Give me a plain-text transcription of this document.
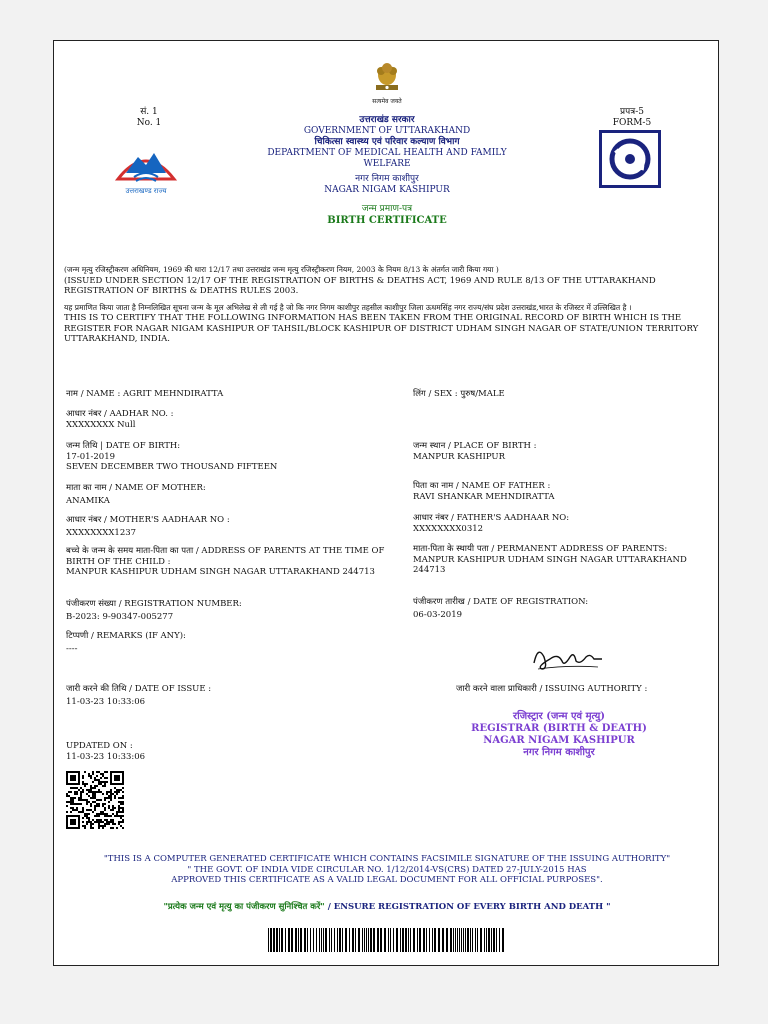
सत्यमेव जयते
सं. 1
No. 1
प्रपत्र-5
FORM-5
उत्तराखण्ड राज्य
उत्तराखंड सरकार
GOVERNMENT OF UTTARAKHAND
चिकित्सा स्वास्थ्य एवं परिवार कल्याण विभाग
DEPARTMENT OF MEDICAL HEALTH AND FAMILY
WELFARE
नगर निगम काशीपुर
NAGAR NIGAM KASHIPUR
जन्म प्रमाण-पत्र
BIRTH CERTIFICATE
(जन्म मृत्यु रजिस्ट्रीकरण अधिनियम, 1969 की धारा 12/17 तथा उत्तराखंड जन्म मृत्यु रजिस्ट्रीकरण नियम, 2003 के नियम 8/13 के अंतर्गत जारी किया गया )
(ISSUED UNDER SECTION 12/17 OF THE REGISTRATION OF BIRTHS & DEATHS ACT, 1969 AND RULE 8/13 OF THE UTTARAKHAND REGISTRATION OF BIRTHS & DEATHS RULES 2003.
यह प्रमाणित किया जाता है निम्नलिखित सूचना जन्म के मूल अभिलेख से ली गई है जो कि नगर निगम काशीपुर तहसील काशीपुर जिला ऊधमसिंह नगर राज्य/संघ प्रदेश उत्तराखंड,भारत के रजिस्टर में उल्लिखित है ।
THIS IS TO CERTIFY THAT THE FOLLOWING INFORMATION HAS BEEN TAKEN FROM THE ORIGINAL RECORD OF BIRTH WHICH IS THE REGISTER FOR NAGAR NIGAM KASHIPUR OF TAHSIL/BLOCK KASHIPUR OF DISTRICT UDHAM SINGH NAGAR OF STATE/UNION TERRITORY UTTARAKHAND, INDIA.
नाम / NAME : AGRIT MEHNDIRATTA	लिंग / SEX : पुरुष/MALE
आधार नंबर / AADHAR NO. :
XXXXXXXX Null
जन्म तिथि | DATE OF BIRTH:
17-01-2019
SEVEN DECEMBER TWO THOUSAND FIFTEEN
जन्म स्थान / PLACE OF BIRTH :
MANPUR KASHIPUR
माता का नाम / NAME OF MOTHER:
ANAMIKA
पिता का नाम / NAME OF FATHER :
RAVI SHANKAR MEHNDIRATTA
आधार नंबर / MOTHER'S AADHAAR NO :
XXXXXXXX1237
आधार नंबर / FATHER'S AADHAAR NO:
XXXXXXXX0312
बच्चे के जन्म के समय माता-पिता का पता / ADDRESS OF PARENTS AT THE TIME OF
BIRTH OF THE CHILD :
MANPUR KASHIPUR UDHAM SINGH NAGAR UTTARAKHAND 244713
माता-पिता के स्थायी पता / PERMANENT ADDRESS OF PARENTS:
MANPUR KASHIPUR UDHAM SINGH NAGAR UTTARAKHAND
244713
पंजीकरण संख्या / REGISTRATION NUMBER:
B-2023: 9-90347-005277
पंजीकरण तारीख / DATE OF REGISTRATION:
06-03-2019
टिप्पणी / REMARKS (IF ANY):
----
जारी करने की तिथि / DATE OF ISSUE :
11-03-23 10:33:06
जारी करने वाला प्राधिकारी / ISSUING AUTHORITY :
रजिस्ट्रार (जन्म एवं मृत्यु)
REGISTRAR (BIRTH & DEATH)
NAGAR NIGAM KASHIPUR
नगर निगम काशीपुर
UPDATED ON :
11-03-23 10:33:06
"THIS IS A COMPUTER GENERATED CERTIFICATE WHICH CONTAINS FACSIMILE SIGNATURE OF THE ISSUING AUTHORITY"
" THE GOVT. OF INDIA VIDE CIRCULAR NO. 1/12/2014-VS(CRS) DATED 27-JULY-2015 HAS
APPROVED THIS CERTIFICATE AS A VALID LEGAL DOCUMENT FOR ALL OFFICIAL PURPOSES".
"प्रत्येक जन्म एवं मृत्यु का पंजीकरण सुनिश्चित करें" / ENSURE REGISTRATION OF EVERY BIRTH AND DEATH "
